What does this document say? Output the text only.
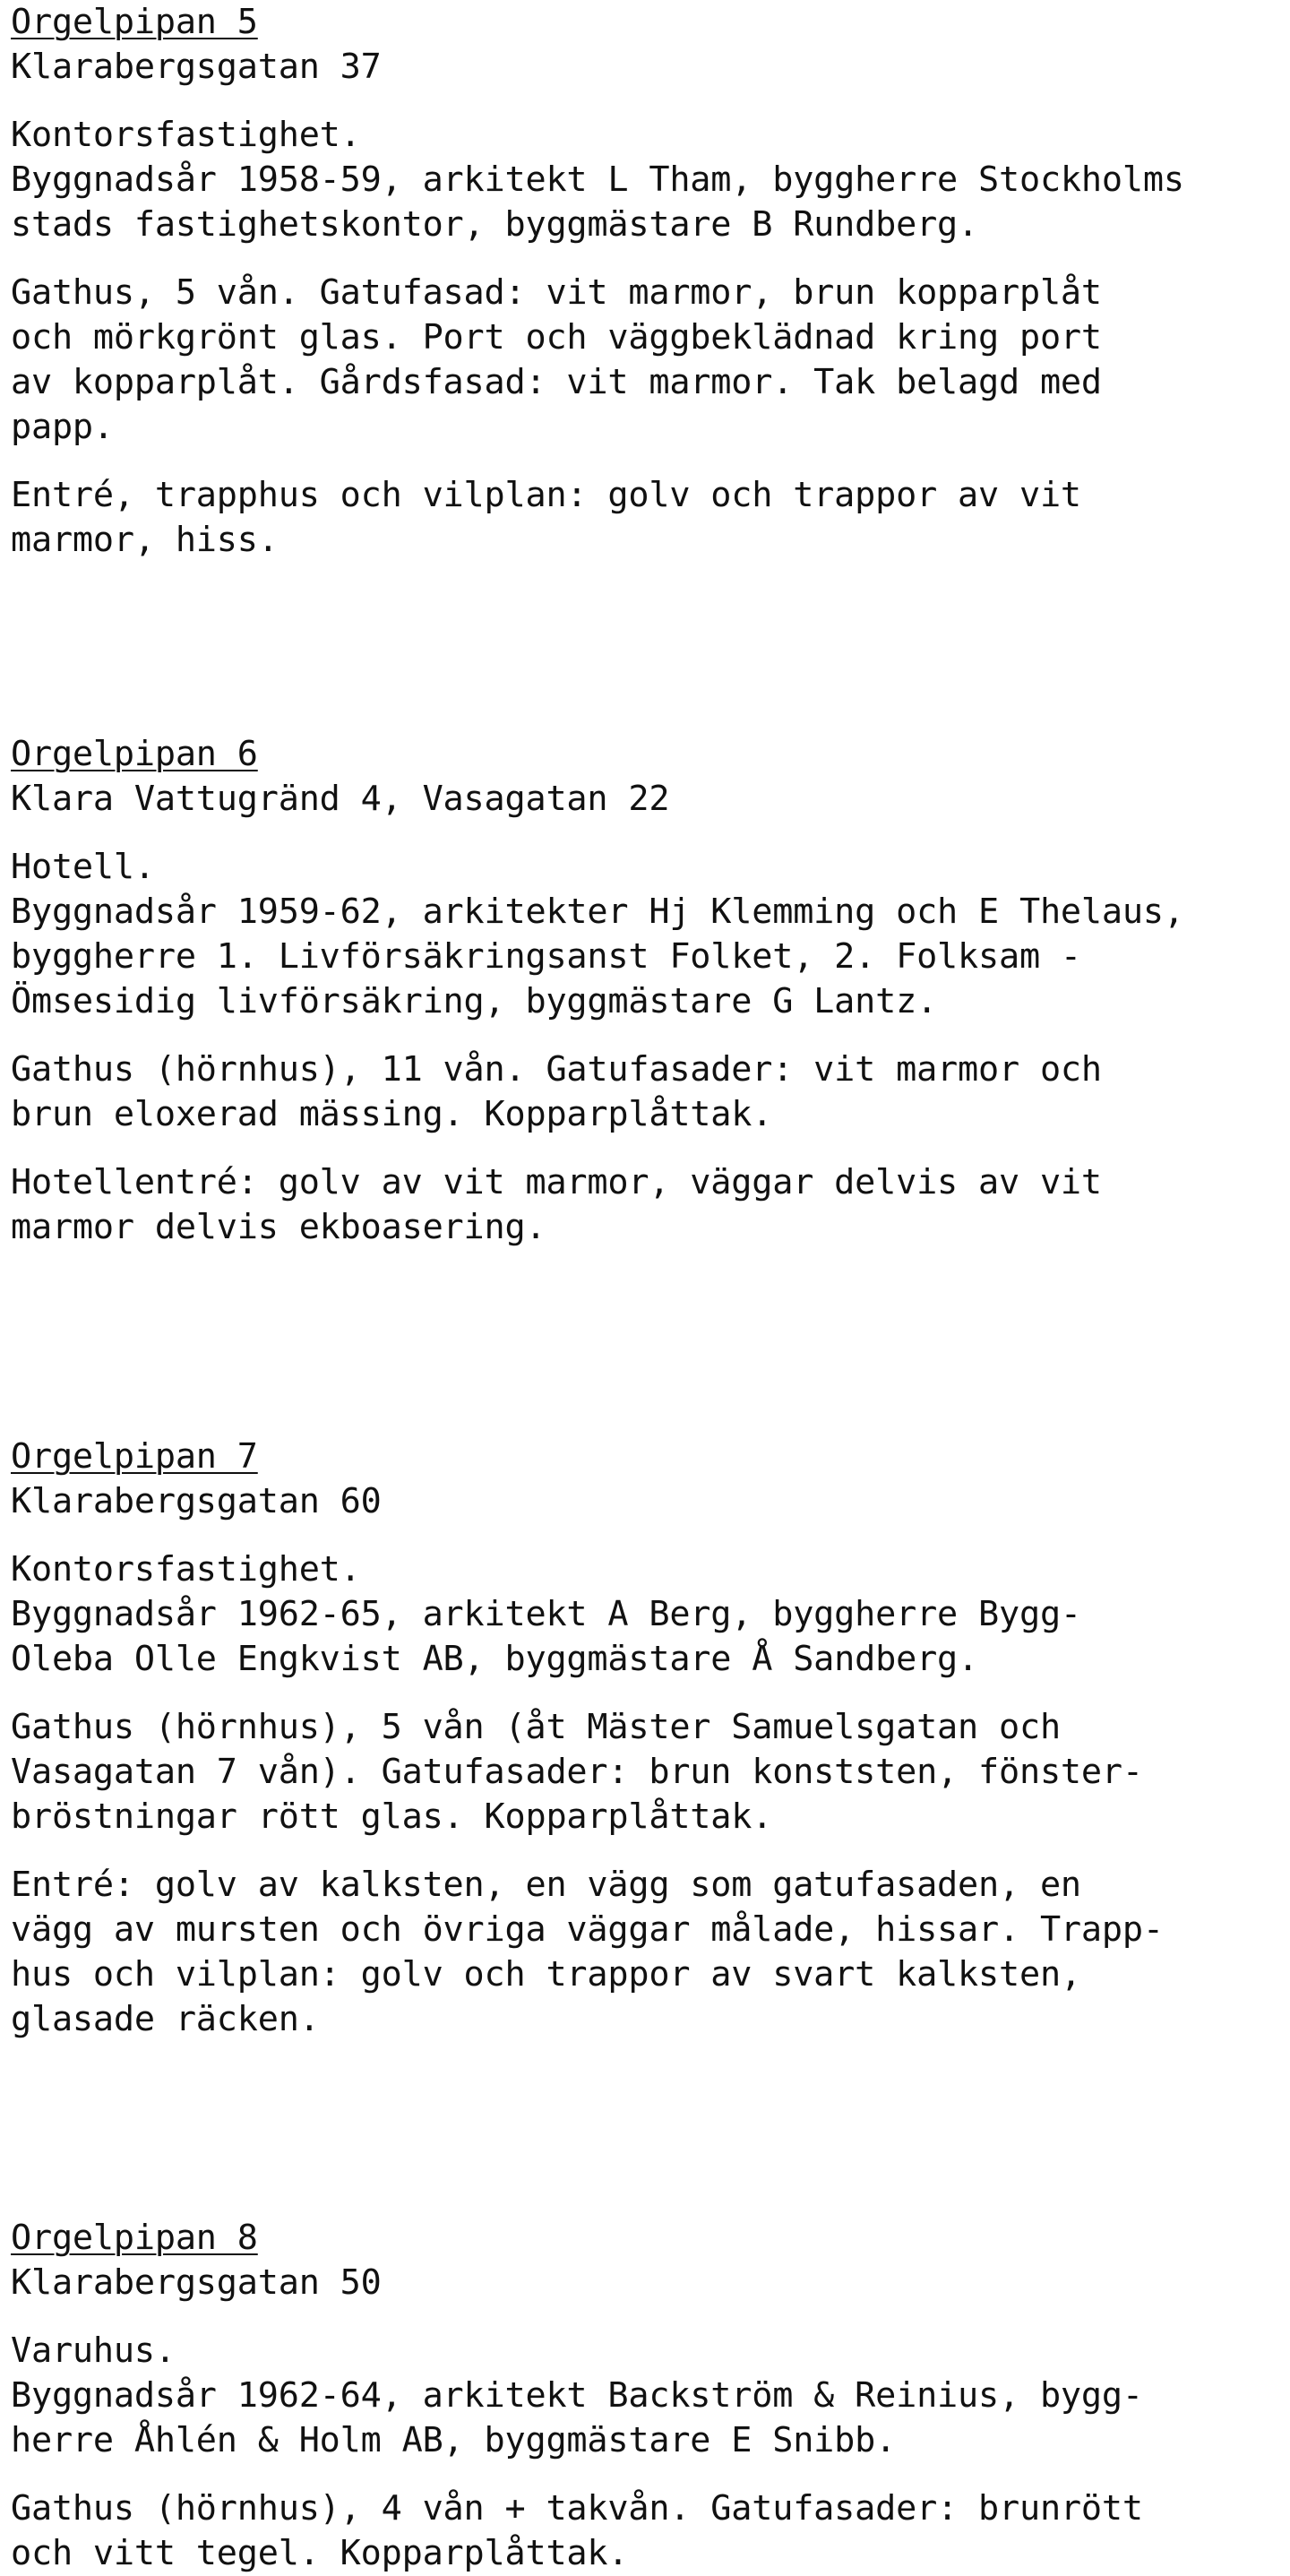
Orgelpipan 5
Klarabergsgatan 37
Kontorsfastighet.
Byggnadsår 1958-59, arkitekt L Tham, byggherre Stockholms
stads fastighetskontor, byggmästare B Rundberg.
Gathus, 5 vån. Gatufasad: vit marmor, brun kopparplåt
och mörkgrönt glas. Port och väggbeklädnad kring port
av kopparplåt. Gårdsfasad: vit marmor. Tak belagd med
papp.
Entré, trapphus och vilplan: golv och trappor av vit
marmor, hiss.
Orgelpipan 6
Klara Vattugränd 4, Vasagatan 22
Hotell.
Byggnadsår 1959-62, arkitekter Hj Klemming och E Thelaus,
byggherre 1. Livförsäkringsanst Folket, 2. Folksam -
Ömsesidig livförsäkring, byggmästare G Lantz.
Gathus (hörnhus), 11 vån. Gatufasader: vit marmor och
brun eloxerad mässing. Kopparplåttak.
Hotellentré: golv av vit marmor, väggar delvis av vit
marmor delvis ekboasering.
Orgelpipan 7
Klarabergsgatan 60
Kontorsfastighet.
Byggnadsår 1962-65, arkitekt A Berg, byggherre Bygg-
Oleba Olle Engkvist AB, byggmästare Å Sandberg.
Gathus (hörnhus), 5 vån (åt Mäster Samuelsgatan och
Vasagatan 7 vån). Gatufasader: brun konststen, fönster-
bröstningar rött glas. Kopparplåttak.
Entré: golv av kalksten, en vägg som gatufasaden, en
vägg av mursten och övriga väggar målade, hissar. Trapp-
hus och vilplan: golv och trappor av svart kalksten,
glasade räcken.
Orgelpipan 8
Klarabergsgatan 50
Varuhus.
Byggnadsår 1962-64, arkitekt Backström & Reinius, bygg-
herre Åhlén & Holm AB, byggmästare E Snibb.
Gathus (hörnhus), 4 vån + takvån. Gatufasader: brunrött
och vitt tegel. Kopparplåttak.
